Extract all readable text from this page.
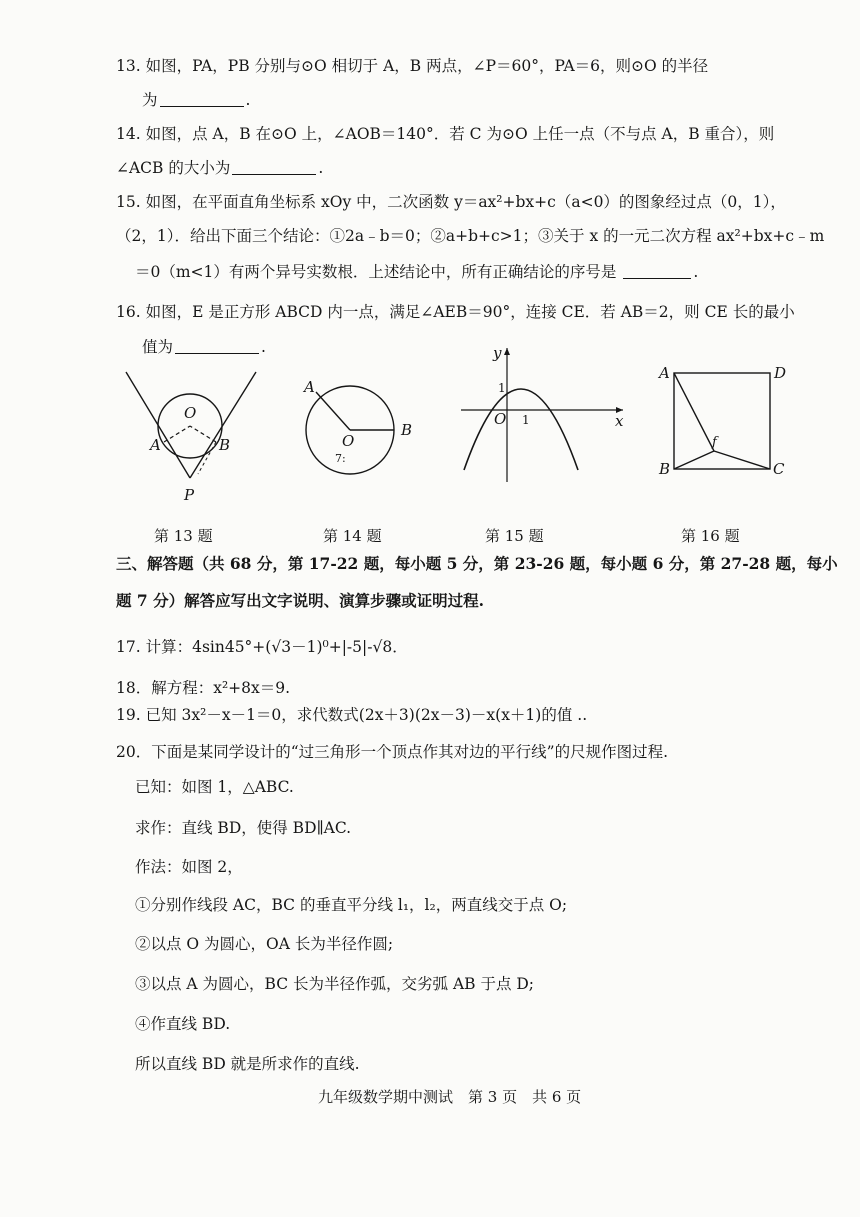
13. 如图，PA，PB 分别与⊙O 相切于 A，B 两点，∠P＝60°，PA＝6，则⊙O 的半径
为	.
14. 如图，点 A，B 在⊙O 上，∠AOB＝140°．若 C 为⊙O 上任一点（不与点 A，B 重合），则
∠ACB 的大小为	.
15. 如图，在平面直角坐标系 xOy 中，二次函数 y＝ax²+bx+c（a<0）的图象经过点（0，1），
（2，1）．给出下面三个结论：①2a﹣b＝0；②a+b+c>1；③关于 x 的一元二次方程 ax²+bx+c﹣m
＝0（m<1）有两个异号实数根．上述结论中，所有正确结论的序号是	.
16. 如图，E 是正方形 ABCD 内一点，满足∠AEB＝90°，连接 CE．若 AB＝2，则 CE 长的最小
值为	.
O
A	B
P
第 13 题
A
O
B
7:
第 14 题
y
x
1
O 1
第 15 题
A	D
B	C
f
第 16 题
三、解答题（共 68 分，第 17-22 题，每小题 5 分，第 23-26 题，每小题 6 分，第 27-28 题，每小
题 7 分）解答应写出文字说明、演算步骤或证明过程.
17. 计算：4sin45°+(√3－1)⁰+|-5|-√8．
18．解方程：x²+8x＝9.
19. 已知 3x²－x－1＝0，求代数式(2x＋3)(2x－3)－x(x＋1)的值 ..
20．下面是某同学设计的“过三角形一个顶点作其对边的平行线”的尺规作图过程.
已知：如图 1，△ABC.
求作：直线 BD，使得 BD∥AC.
作法：如图 2，
①分别作线段 AC，BC 的垂直平分线 l₁，l₂，两直线交于点 O;
②以点 O 为圆心，OA 长为半径作圆;
③以点 A 为圆心，BC 长为半径作弧，交劣弧 AB 于点 D;
④作直线 BD.
所以直线 BD 就是所求作的直线.
九年级数学期中测试　第 3 页　共 6 页
